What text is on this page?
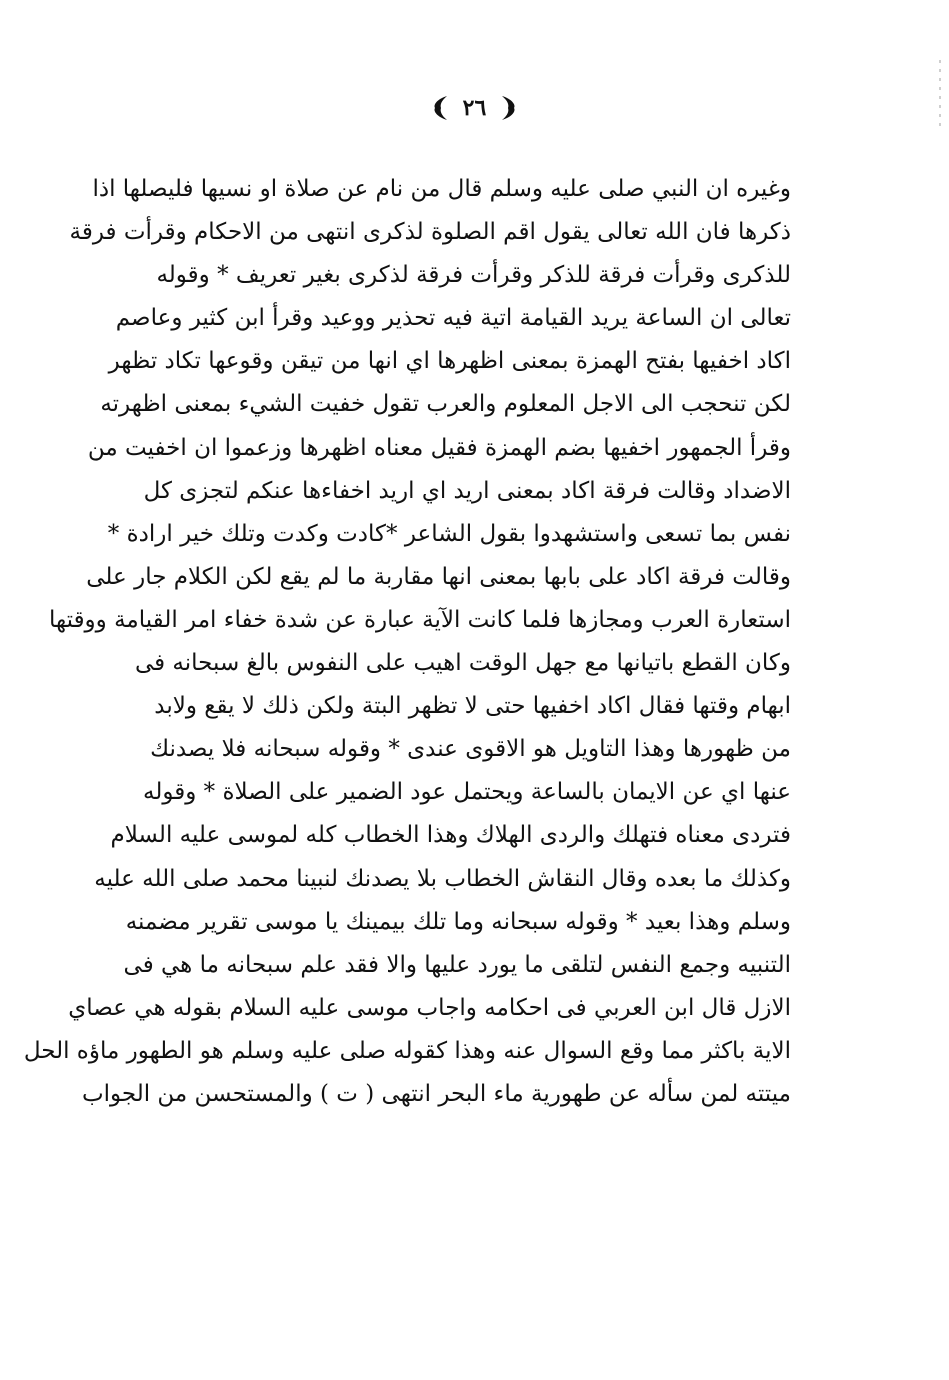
٢٦
وغيره ان النبي صلى عليه وسلم قال من نام عن صلاة او نسيها فليصلها اذا
ذكرها فان الله تعالى يقول اقم الصلوة لذكرى انتهى من الاحكام وقرأت فرقة
للذكرى وقرأت فرقة للذكر وقرأت فرقة لذكرى بغير تعريف * وقوله
تعالى ان الساعة يريد القيامة اتية فيه تحذير ووعيد وقرأ ابن كثير وعاصم
اكاد اخفيها بفتح الهمزة بمعنى اظهرها اي انها من تيقن وقوعها تكاد تظهر
لكن تنحجب الى الاجل المعلوم والعرب تقول خفيت الشيء بمعنى اظهرته
وقرأ الجمهور اخفيها بضم الهمزة فقيل معناه اظهرها وزعموا ان اخفيت من
الاضداد وقالت فرقة اكاد بمعنى اريد اي اريد اخفاءها عنكم لتجزى كل
نفس بما تسعى واستشهدوا بقول الشاعر *كادت وكدت وتلك خير ارادة *
وقالت فرقة اكاد على بابها بمعنى انها مقاربة ما لم يقع لكن الكلام جار على
استعارة العرب ومجازها فلما كانت الآية عبارة عن شدة خفاء امر القيامة ووقتها
وكان القطع باتيانها مع جهل الوقت اهيب على النفوس بالغ سبحانه فى
ابهام وقتها فقال اكاد اخفيها حتى لا تظهر البتة ولكن ذلك لا يقع ولابد
من ظهورها وهذا التاويل هو الاقوى عندى * وقوله سبحانه فلا يصدنك
عنها اي عن الايمان بالساعة ويحتمل عود الضمير على الصلاة * وقوله
فتردى معناه فتهلك والردى الهلاك وهذا الخطاب كله لموسى عليه السلام
وكذلك ما بعده وقال النقاش الخطاب بلا يصدنك لنبينا محمد صلى الله عليه
وسلم وهذا بعيد * وقوله سبحانه وما تلك بيمينك يا موسى تقرير مضمنه
التنبيه وجمع النفس لتلقى ما يورد عليها والا فقد علم سبحانه ما هي فى
الازل قال ابن العربي فى احكامه واجاب موسى عليه السلام بقوله هي عصاي
الاية باكثر مما وقع السوال عنه وهذا كقوله صلى عليه وسلم هو الطهور ماؤه الحل
ميتته لمن سأله عن طهورية ماء البحر انتهى ( ت ) والمستحسن من الجواب
